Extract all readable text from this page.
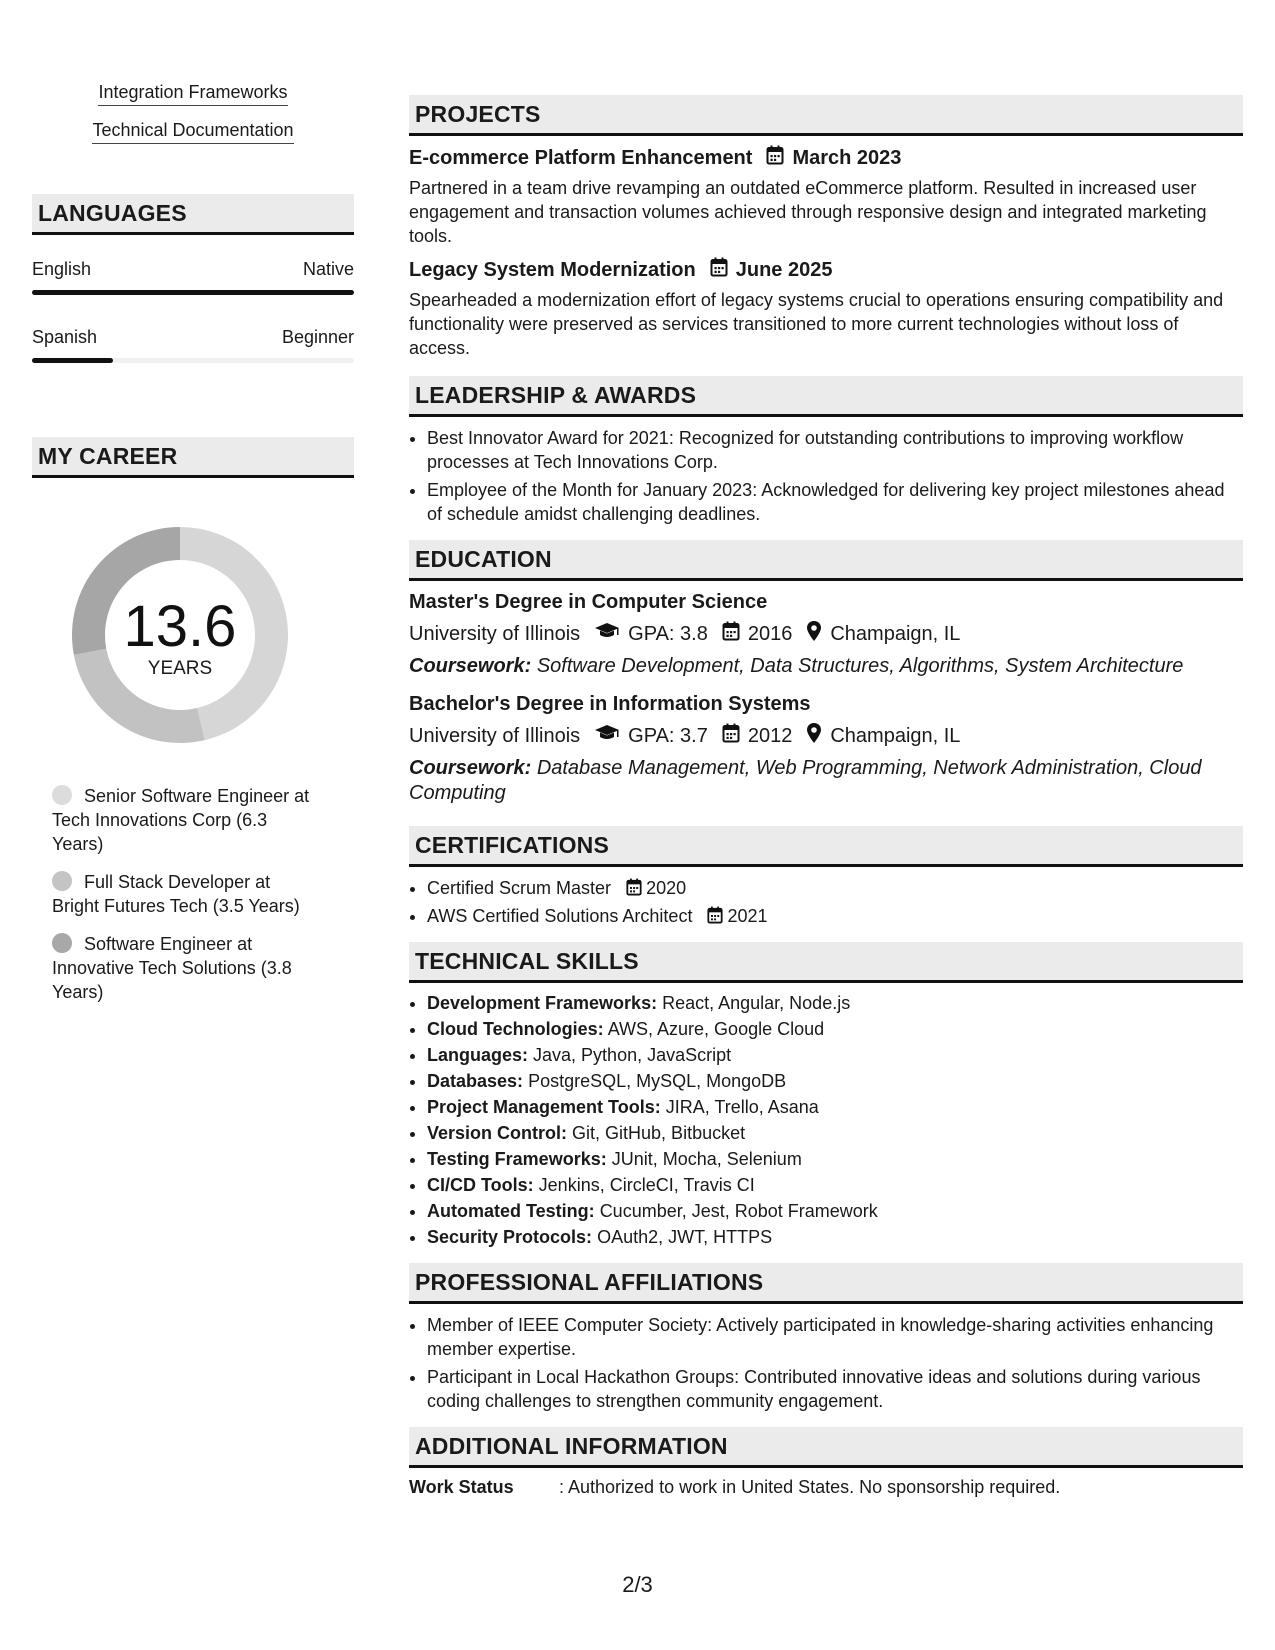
Integration Frameworks
Technical Documentation
LANGUAGES
English	Native
Spanish	Beginner
MY CAREER
13.6
YEARS
Senior Software Engineer at Tech Innovations Corp (6.3 Years)
Full Stack Developer at Bright Futures Tech (3.5 Years)
Software Engineer at Innovative Tech Solutions (3.8 Years)
PROJECTS
E-commerce Platform Enhancement March 2023
Partnered in a team drive revamping an outdated eCommerce platform. Resulted in increased user engagement and transaction volumes achieved through responsive design and integrated marketing tools.
Legacy System Modernization June 2025
Spearheaded a modernization effort of legacy systems crucial to operations ensuring compatibility and functionality were preserved as services transitioned to more current technologies without loss of access.
LEADERSHIP & AWARDS
• Best Innovator Award for 2021: Recognized for outstanding contributions to improving workflow processes at Tech Innovations Corp.
• Employee of the Month for January 2023: Acknowledged for delivering key project milestones ahead of schedule amidst challenging deadlines.
EDUCATION
Master's Degree in Computer Science
University of Illinois GPA: 3.8 2016 Champaign, IL
Coursework: Software Development, Data Structures, Algorithms, System Architecture
Bachelor's Degree in Information Systems
University of Illinois GPA: 3.7 2012 Champaign, IL
Coursework: Database Management, Web Programming, Network Administration, Cloud Computing
CERTIFICATIONS
• Certified Scrum Master 2020
• AWS Certified Solutions Architect 2021
TECHNICAL SKILLS
• Development Frameworks: React, Angular, Node.js
• Cloud Technologies: AWS, Azure, Google Cloud
• Languages: Java, Python, JavaScript
• Databases: PostgreSQL, MySQL, MongoDB
• Project Management Tools: JIRA, Trello, Asana
• Version Control: Git, GitHub, Bitbucket
• Testing Frameworks: JUnit, Mocha, Selenium
• CI/CD Tools: Jenkins, CircleCI, Travis CI
• Automated Testing: Cucumber, Jest, Robot Framework
• Security Protocols: OAuth2, JWT, HTTPS
PROFESSIONAL AFFILIATIONS
• Member of IEEE Computer Society: Actively participated in knowledge-sharing activities enhancing member expertise.
• Participant in Local Hackathon Groups: Contributed innovative ideas and solutions during various coding challenges to strengthen community engagement.
ADDITIONAL INFORMATION
Work Status	: Authorized to work in United States. No sponsorship required.
2/3
